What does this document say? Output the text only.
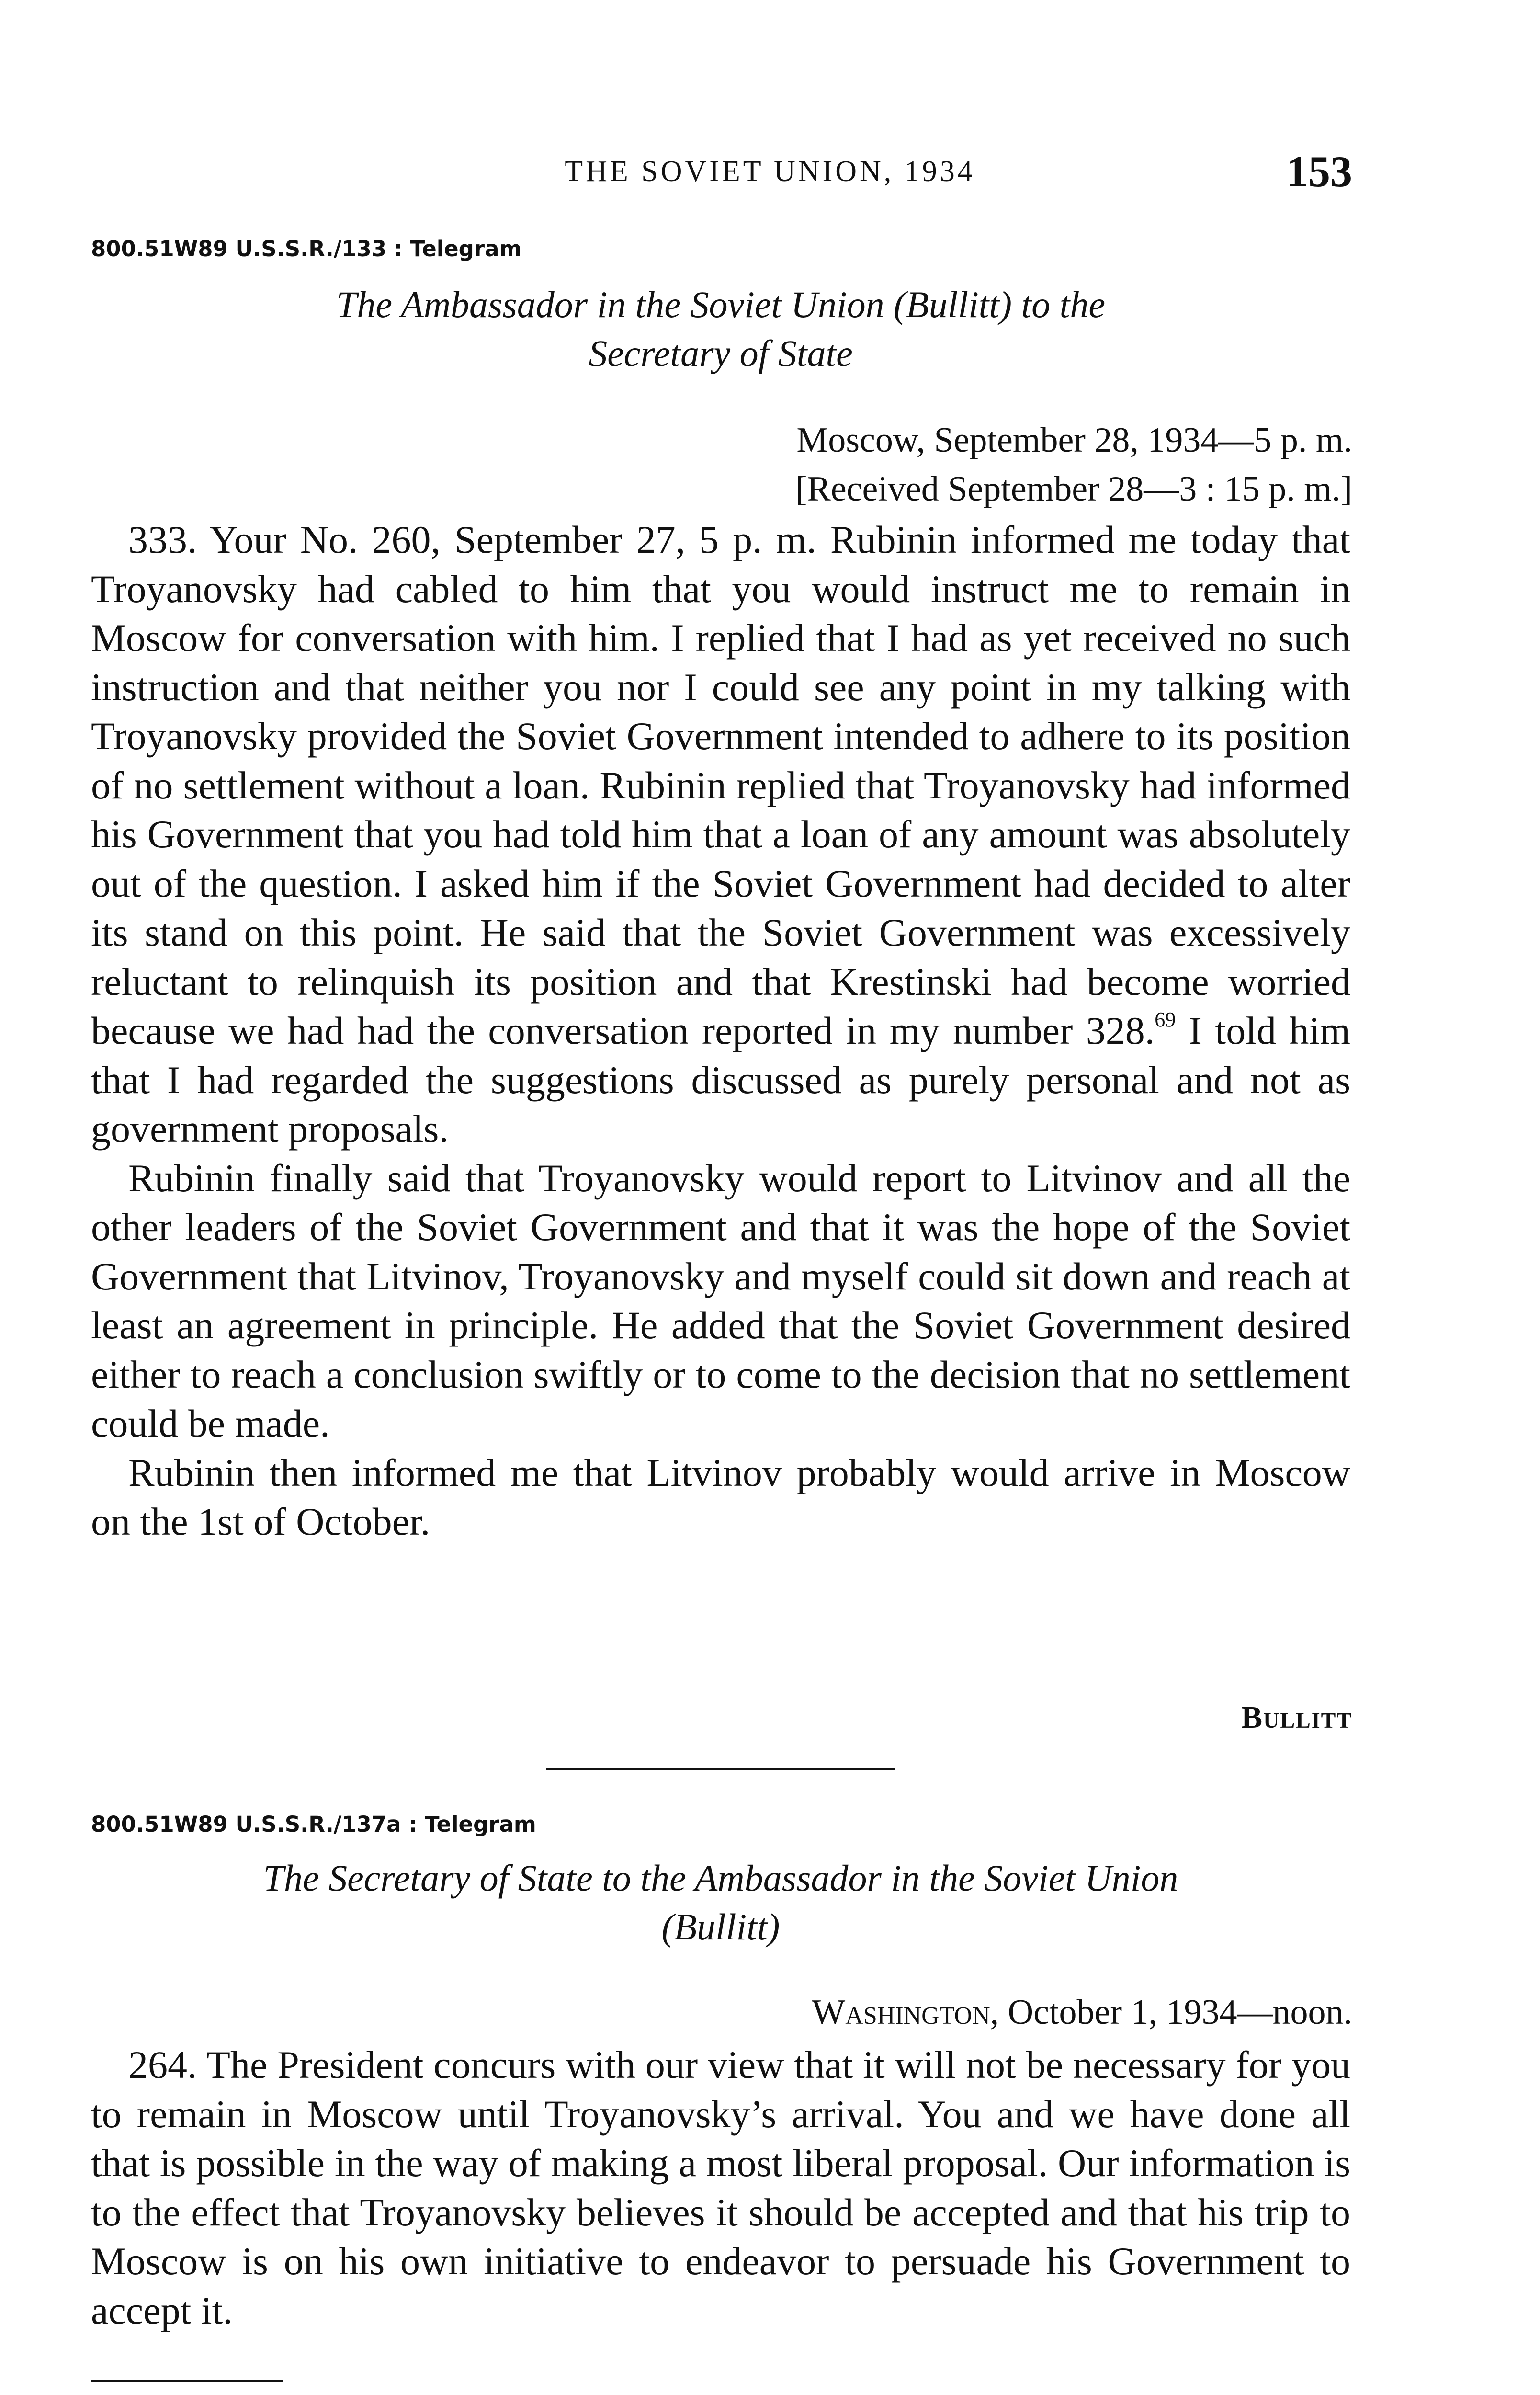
THE SOVIET UNION, 1934	153
800.51W89 U.S.S.R./133 : Telegram
The Ambassador in the Soviet Union (Bullitt) to the
Secretary of State
Moscow, September 28, 1934—5 p. m.
[Received September 28—3 : 15 p. m.]

333. Your No. 260, September 27, 5 p. m. Rubinin informed me today that Troyanovsky had cabled to him that you would instruct me to remain in Moscow for conversation with him. I replied that I had as yet received no such instruction and that neither you nor I could see any point in my talking with Troyanovsky provided the Soviet Government intended to adhere to its position of no settlement without a loan. Rubinin replied that Troyanovsky had informed his Government that you had told him that a loan of any amount was absolutely out of the question. I asked him if the Soviet Government had decided to alter its stand on this point. He said that the Soviet Government was excessively reluctant to relinquish its position and that Krestinski had become worried because we had had the conversation reported in my number 328.69 I told him that I had regarded the suggestions discussed as purely personal and not as government proposals.

Rubinin finally said that Troyanovsky would report to Litvinov and all the other leaders of the Soviet Government and that it was the hope of the Soviet Government that Litvinov, Troyanovsky and myself could sit down and reach at least an agreement in principle. He added that the Soviet Government desired either to reach a conclusion swiftly or to come to the decision that no settlement could be made.

Rubinin then informed me that Litvinov probably would arrive in Moscow on the 1st of October.

Bullitt
800.51W89 U.S.S.R./137a : Telegram
The Secretary of State to the Ambassador in the Soviet Union
(Bullitt)
Washington, October 1, 1934—noon.

264. The President concurs with our view that it will not be necessary for you to remain in Moscow until Troyanovsky’s arrival. You and we have done all that is possible in the way of making a most liberal proposal. Our information is to the effect that Troyanovsky believes it should be accepted and that his trip to Moscow is on his own initiative to endeavor to persuade his Government to accept it.
